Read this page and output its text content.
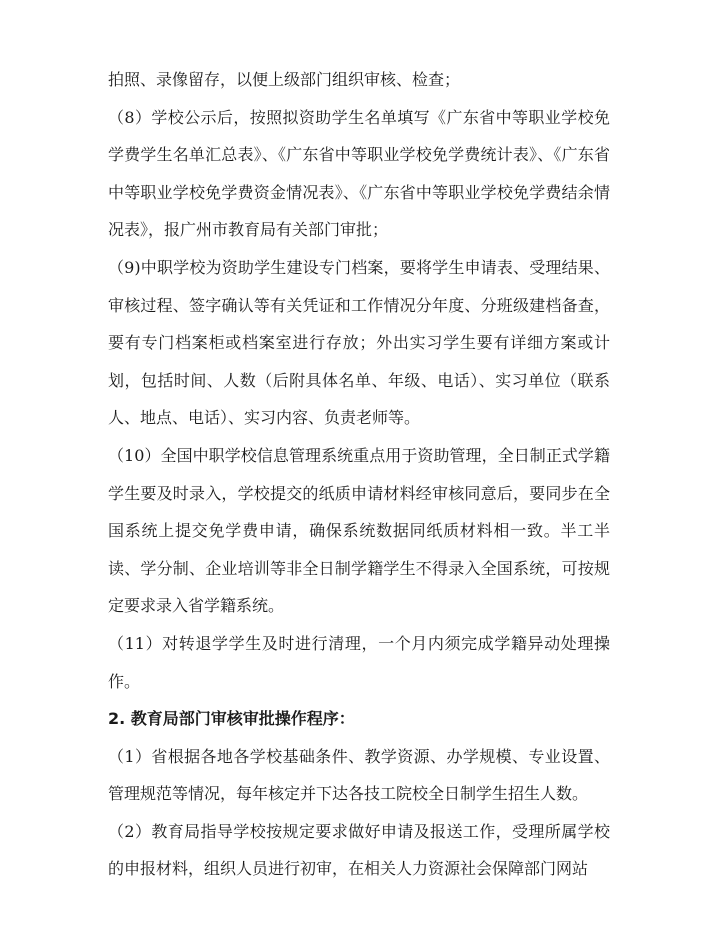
拍照、录像留存，以便上级部门组织审核、检查；

（8）学校公示后，按照拟资助学生名单填写《广东省中等职业学校免学费学生名单汇总表》、《广东省中等职业学校免学费统计表》、《广东省中等职业学校免学费资金情况表》、《广东省中等职业学校免学费结余情况表》，报广州市教育局有关部门审批；

（9)中职学校为资助学生建设专门档案，要将学生申请表、受理结果、审核过程、签字确认等有关凭证和工作情况分年度、分班级建档备查，要有专门档案柜或档案室进行存放；外出实习学生要有详细方案或计划，包括时间、人数（后附具体名单、年级、电话）、实习单位（联系人、地点、电话）、实习内容、负责老师等。

（10）全国中职学校信息管理系统重点用于资助管理，全日制正式学籍学生要及时录入，学校提交的纸质申请材料经审核同意后，要同步在全国系统上提交免学费申请，确保系统数据同纸质材料相一致。半工半读、学分制、企业培训等非全日制学籍学生不得录入全国系统，可按规定要求录入省学籍系统。

（11）对转退学学生及时进行清理，一个月内须完成学籍异动处理操作。

2. 教育局部门审核审批操作程序：

（1）省根据各地各学校基础条件、教学资源、办学规模、专业设置、管理规范等情况，每年核定并下达各技工院校全日制学生招生人数。

（2）教育局指导学校按规定要求做好申请及报送工作，受理所属学校的申报材料，组织人员进行初审，在相关人力资源社会保障部门网站
